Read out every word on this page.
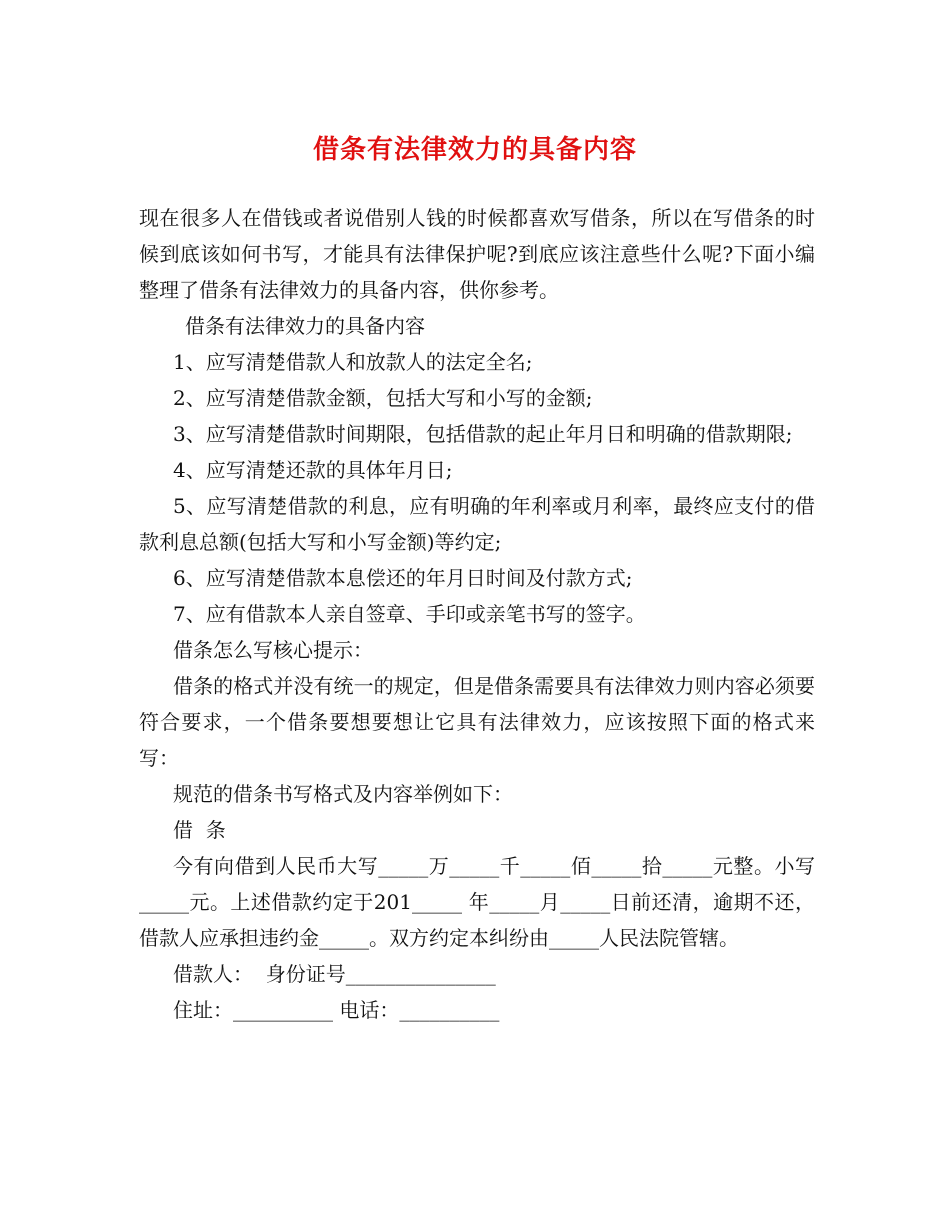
借条有法律效力的具备内容

现在很多人在借钱或者说借别人钱的时候都喜欢写借条，所以在写借条的时候到底该如何书写，才能具有法律保护呢?到底应该注意些什么呢?下面小编整理了借条有法律效力的具备内容，供你参考。

借条有法律效力的具备内容

1、应写清楚借款人和放款人的法定全名;

2、应写清楚借款金额，包括大写和小写的金额;

3、应写清楚借款时间期限，包括借款的起止年月日和明确的借款期限;

4、应写清楚还款的具体年月日;

5、应写清楚借款的利息，应有明确的年利率或月利率，最终应支付的借款利息总额(包括大写和小写金额)等约定;

6、应写清楚借款本息偿还的年月日时间及付款方式;

7、应有借款本人亲自签章、手印或亲笔书写的签字。

借条怎么写核心提示：

借条的格式并没有统一的规定，但是借条需要具有法律效力则内容必须要符合要求，一个借条要想要想让它具有法律效力，应该按照下面的格式来写：

规范的借条书写格式及内容举例如下：

借  条

今有向借到人民币大写_____万_____千_____佰_____拾_____元整。小写_____元。上述借款约定于201_____ 年_____月_____日前还清，逾期不还，借款人应承担违约金_____。双方约定本纠纷由_____人民法院管辖。

借款人：  身份证号_______________

住址：__________ 电话：__________
